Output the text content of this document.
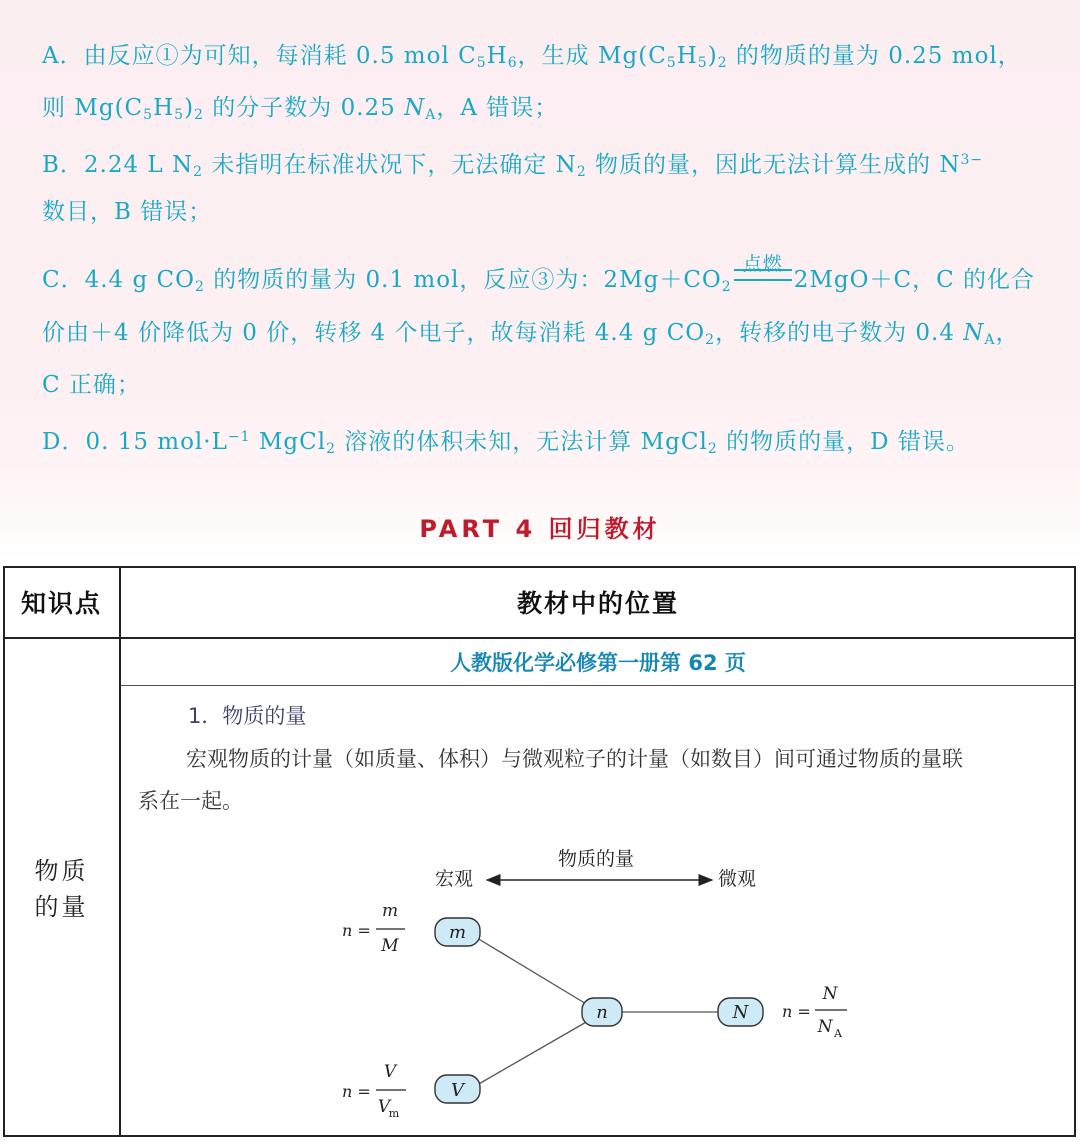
A．由反应①为可知，每消耗 0.5 mol $C_5H_6$，生成 $Mg(C_5H_5)_2$ 的物质的量为 0.25 mol，
则 $Mg(C_5H_5)_2$ 的分子数为 0.25 $N_A$，A 错误；
B．2.24 L $N_2$ 未指明在标准状况下，无法确定 $N_2$ 物质的量，因此无法计算生成的 $N^{3-}$
数目，B 错误；
C．4.4 g $CO_2$ 的物质的量为 0.1 mol，反应③为：$2Mg+CO_2$
点燃
2MgO＋C，C 的化合
价由＋4 价降低为 0 价，转移 4 个电子，故每消耗 4.4 g $CO_2$，转移的电子数为 0.4 $N_A$，
C 正确；
D．0. 15 $mol\cdot L^{-1}$ MgCl$_2$ 溶液的体积未知，无法计算 MgCl$_2$ 的物质的量，D 错误。
PART 4 回归教材
知识点	教材中的位置
物质
的量
人教版化学必修第一册第 62 页
1．物质的量
宏观物质的计量（如质量、体积）与微观粒子的计量（如数目）间可通过物质的量联
系在一起。
宏观	微观
物质的量
m
V
n	N
n =
m
M
n =
V
V
m
n =
N
N A
